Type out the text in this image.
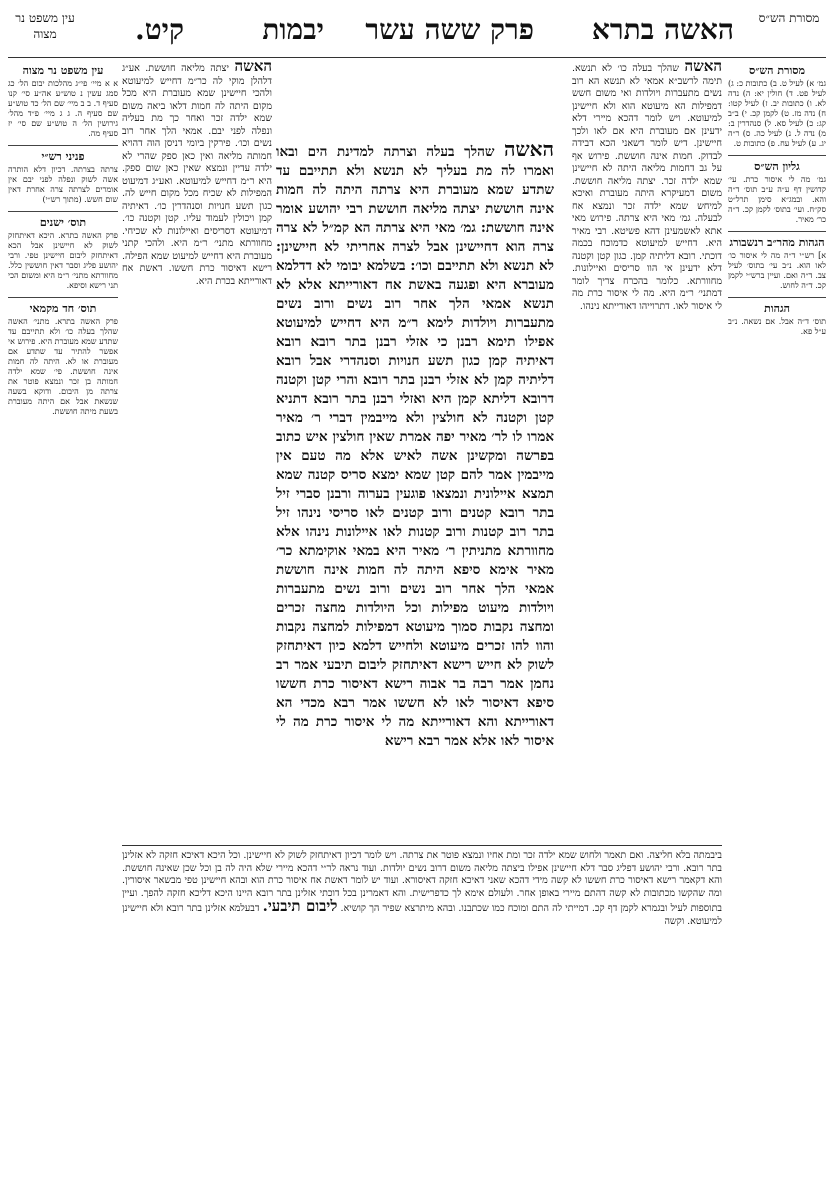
מסורת הש״ס
האשה בתרא
פרק ששה עשר
יבמות
קיט.
עין משפט נר מצוה
מסורת הש״ס
גמ׳ א) לעיל ט. ב) כתובות כ: ג) לעיל פט. ד) חולין יא: ה) נדה לא. ו) כתובות יב. ז) לעיל קטו: ח) נדה מז. ט) לקמן קכ. י) ב״ב קג: כ) לעיל סא. ל) סנהדרין ב: מ) נדה ל. נ) לעיל כה. ס) ר״ה יג. ע) לעיל עח. פ) כתובות ט.
גליון הש״ס
גמ׳ מה לי איסור כרת. עי׳ קדושין דף ע״ה ע״ב תוס׳ ד״ה והא. ובמג״א סימן תרל״ט סק״ח. ועי׳ בתוס׳ לקמן קכ. ד״ה כר׳ מאיר.
הגהות מהר״ב רנשבורג
א] רש״י ד״ה מה לי איסור כו׳ לאו הוא. נ״ב עי׳ בתוס׳ לעיל צב. ד״ה ואם. ועיין ברש״י לקמן קכ. ד״ה לחוש.
הגהות
תוס׳ ד״ה אבל. אם נשאה. נ״ב ע״ל פא.
עין משפט נר מצוה
א א מיי׳ פי״ג מהלכות יבום הל׳ כג סמג עשין נ טוש״ע אה״ע סי׳ קנו סעיף ד. ב ב מיי׳ שם הל׳ כד טוש״ע שם סעיף ה. ג ג מיי׳ פ״ד מהל׳ גירושין הל׳ ה טוש״ע שם סי׳ יז סעיף מה.
פניני רש״י
צרתה בצרתה. דכיון דלא הותרה אשה לשוק ונפלה לפני יבם אין אומרים לצרתה צרה אחרת דאין שום חשש. (מתוך רש״י)
תוס׳ ישנים
פרק האשה בתרא. היכא דאיתחזק לשוק לא חיישינן אבל הכא דאיתחזק ליבום חיישינן טפי. ורבי יהושע פליג וסבר דאין חוששין כלל. מחוורתא מתני׳ ר״מ היא ומשום הכי תני רישא וסיפא.
תוס׳ חד מקמאי
פרק האשה בתרא. מתני׳ האשה שהלך בעלה כו׳ ולא תתייבם עד שתדע שמא מעוברת היא. פירוש אי אפשר להתיר עד שתדע אם מעוברת או לא. היתה לה חמות אינה חוששת. פי׳ שמא ילדה חמותה בן זכר ונמצא פוטר את צרתה מן היבום. ודוקא בשעה שנשאת אבל אם היתה מעוברת בשעת מיתה חוששת.
האשה שהלך בעלה כו׳ לא תנשא. תימה לרשב״א אמאי לא תנשא הא רוב נשים מתעברות ויולדות ואי משום חשש דמפילות הא מיעוטא הוא ולא חיישינן למיעוטא. ויש לומר דהכא מיירי דלא ידעינן אם מעוברת היא אם לאו ולכך חיישינן. דיש לומר דשאני הכא דבידה לבדוק. חמות אינה חוששת. פירוש אף על גב דחמות מליאה היתה לא חיישינן שמא ילדה זכר. יצתה מליאה חוששת. משום דמעיקרא היתה מעוברת ואיכא למיחש שמא ילדה זכר ונמצא אח לבעלה. גמ׳ מאי היא צרתה. פירוש מאי אתא לאשמעינן דהא פשיטא. רבי מאיר היא. דחייש למיעוטא כדמוכח בכמה דוכתי. רובא דליתיה קמן. כגון קטן וקטנה דלא ידעינן אי הוו סריסים ואיילונות. מחוורתא. כלומר בהכרח צריך לומר דמתני׳ ר״מ היא. מה לי איסור כרת מה לי איסור לאו. דתרוייהו דאורייתא נינהו.
האשה יצתה מליאה חוששת. אע״ג דלהלן מוקי לה כר״מ דחייש למיעוטא ולהכי חיישינן שמא מעוברת היא מכל מקום היתה לה חמות דלאו ביאה משום שמא ילדה זכר ואחר כך מת בעליה ונפלה לפני יבם. אמאי הלך אחר רוב נשים וכו׳. פירקין ביומי דניסן הוה דהויא חמותה מליאה ואין כאן ספק שהרי לא ילדה עדיין ונמצא שאין כאן שום ספק. היא ר״מ דחייש למיעוטא. ואע״ג דמיעוט המפילות לא שכיח מכל מקום חייש לה. כגון תשע חנויות וסנהדרין כו׳. דאיתיה קמן ויכולין לעמוד עליו. קטן וקטנה כו׳. דמיעוטא דסריסים ואיילונות לא שכיחי. מחוורתא מתני׳ ר״מ היא. ולהכי קתני מעוברת היא דחייש למיעוט שמא הפילה. רישא דאיסור כרת חששו. דאשת אח דאורייתא בכרת היא.
האשה שהלך בעלה וצרתה למדינת הים ובאו ואמרו לה מת בעליך לא תנשא ולא תתייבם עד שתדע שמא מעוברת היא צרתה היתה לה חמות אינה חוששת יצתה מליאה חוששת רבי יהושע אומר אינה חוששת: גמ׳ מאי היא צרתה הא קמ״ל לא צרה צרה הוא דחיישינן אבל לצרה אחריתי לא חיישינן: לא תנשא ולא תתייבם וכו׳: בשלמא יבומי לא דדלמא מעוברא היא ופגעה באשת אח דאורייתא אלא לא תנשא אמאי הלך אחר רוב נשים ורוב נשים מתעברות ויולדות לימא ר״מ היא דחייש למיעוטא אפילו תימא רבנן כי אזלי רבנן בתר רובא רובא דאיתיה קמן כגון תשע חנויות וסנהדרי אבל רובא דליתיה קמן לא אזלי רבנן בתר רובא והרי קטן וקטנה דרובא דליתא קמן היא ואזלי רבנן בתר רובא דתניא קטן וקטנה לא חולצין ולא מייבמין דברי ר׳ מאיר אמרו לו לר׳ מאיר יפה אמרת שאין חולצין איש כתוב בפרשה ומקשינן אשה לאיש אלא מה טעם אין מייבמין אמר להם קטן שמא ימצא סריס קטנה שמא תמצא איילונית ונמצאו פוגעין בערוה ורבנן סברי זיל בתר רובא קטנים ורוב קטנים לאו סריסי נינהו זיל בתר רוב קטנות ורוב קטנות לאו איילונות נינהו אלא מחוורתא מתניתין ר׳ מאיר היא במאי אוקימתא כר׳ מאיר אימא סיפא היתה לה חמות אינה חוששת אמאי הלך אחר רוב נשים ורוב נשים מתעברות ויולדות מיעוט מפילות וכל היולדות מחצה זכרים ומחצה נקבות סמוך מיעוטא דמפילות למחצה נקבות והוו להו זכרים מיעוטא ולחייש דלמא כיון דאיתחזק לשוק לא חייש רישא דאיתחזק ליבום תיבעי אמר רב נחמן אמר רבה בר אבוה רישא דאיסור כרת חששו סיפא דאיסור לאו לא חששו אמר רבא מכדי הא דאורייתא והא דאורייתא מה לי איסור כרת מה לי איסור לאו אלא אמר רבא רישא
ביבמתה בלא חליצה. ואם תאמר ולחוש שמא ילדה זכר ומת אחיו ונמצא פוטר את צרתה. ויש לומר דכיון דאיתחזק לשוק לא חיישינן. וכל היכא דאיכא חזקה לא אזלינן בתר רובא. ורבי יהושע דפליג סבר דלא חיישינן אפילו ביצתה מליאה משום דרוב נשים יולדות. ועוד נראה לר״י דהכא מיירי שלא היה לה בן וכל שכן שאינה חוששת. והא דקאמר רישא דאיסור כרת חששו לא קשה מידי דהכא שאני דאיכא חזקה דאיסורא. ועוד יש לומר דאשת אח איסור כרת הוא ובהא חיישינן טפי מבשאר איסורין. ומה שהקשו מכתובות לא קשה דהתם מיירי באופן אחר. ולעולם אימא לך כדפרישית. והא דאמרינן בכל דוכתי אזלינן בתר רובא היינו היכא דליכא חזקה להפך. ועיין בתוספות לעיל ובגמרא לקמן דף קכ. דמייתי לה התם ומוכח כמו שכתבנו. ובהא מיתרצא שפיר הך קושיא. ליבום תיבעי. דבעלמא אזלינן בתר רובא ולא חיישינן למיעוטא. וקשה
